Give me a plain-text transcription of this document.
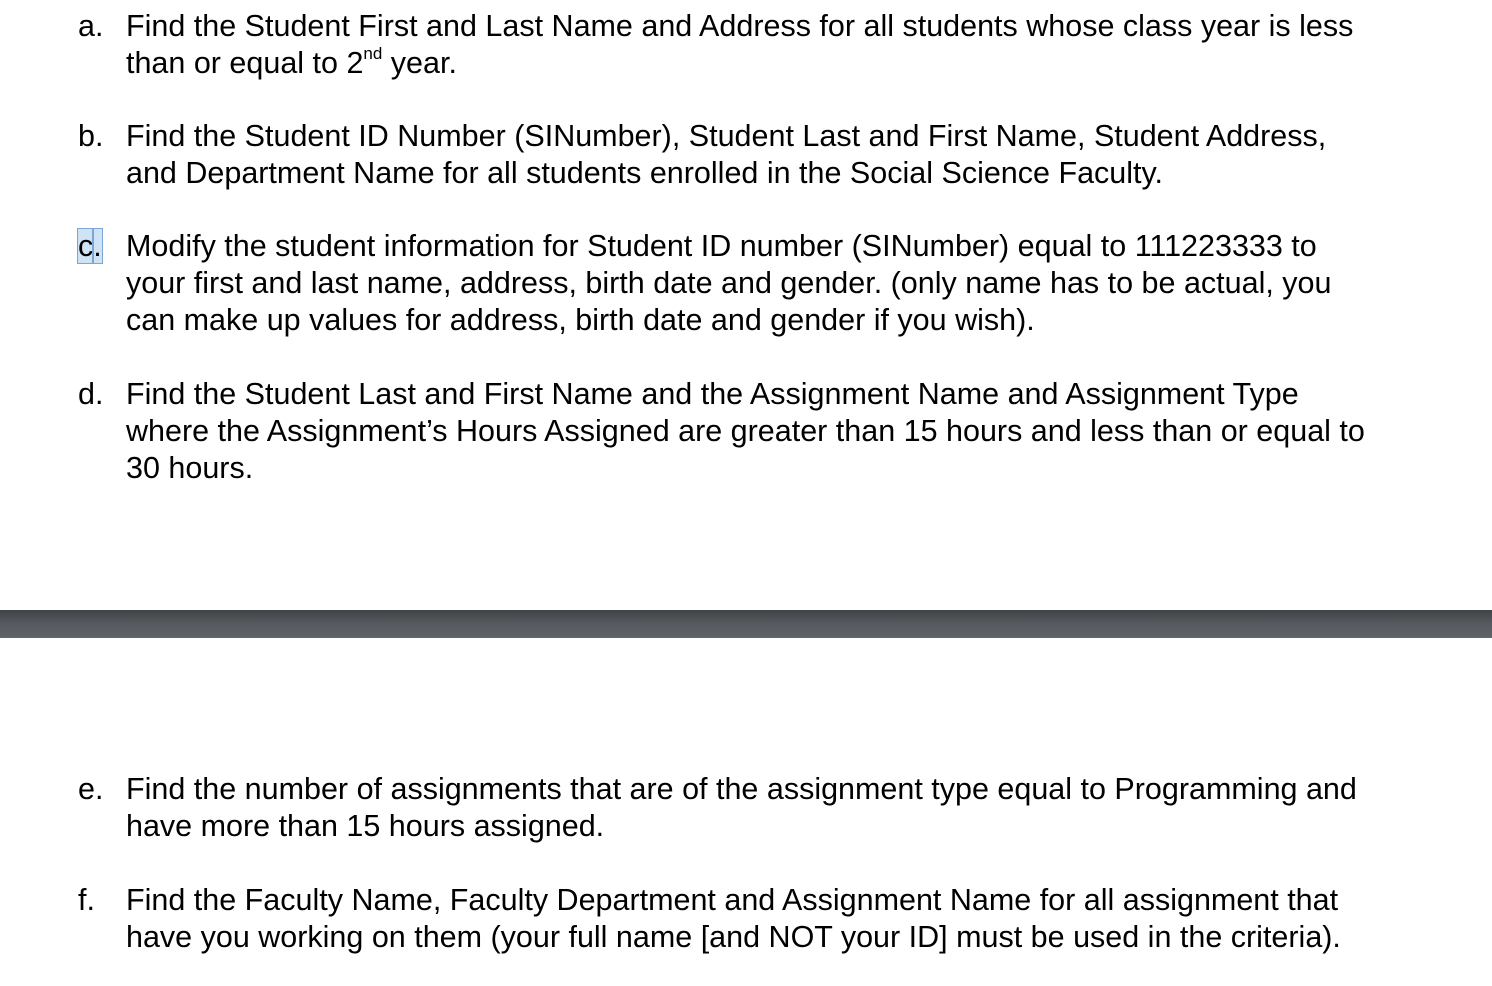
a. Find the Student First and Last Name and Address for all students whose class year is less
than or equal to 2nd year.
b. Find the Student ID Number (SINumber), Student Last and First Name, Student Address,
and Department Name for all students enrolled in the Social Science Faculty.
c. Modify the student information for Student ID number (SINumber) equal to 111223333 to
your first and last name, address, birth date and gender. (only name has to be actual, you
can make up values for address, birth date and gender if you wish).
d. Find the Student Last and First Name and the Assignment Name and Assignment Type
where the Assignment’s Hours Assigned are greater than 15 hours and less than or equal to
30 hours.
e. Find the number of assignments that are of the assignment type equal to Programming and
have more than 15 hours assigned.
f.	Find the Faculty Name, Faculty Department and Assignment Name for all assignment that
have you working on them (your full name [and NOT your ID] must be used in the criteria).
